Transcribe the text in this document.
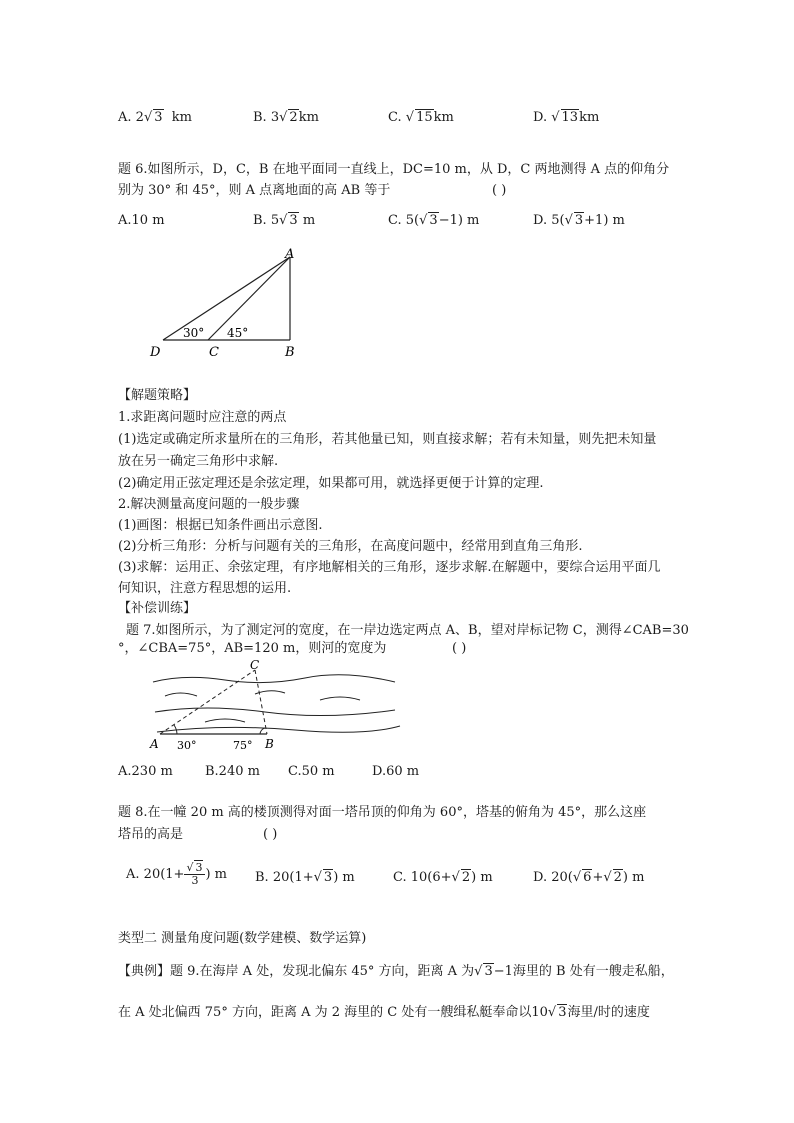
A. 2√ 3 km	B. 3√ 2km	C. √ 15km	D. √ 13km
题 6.如图所示，D，C，B 在地平面同一直线上，DC=10 m，从 D，C 两地测得 A 点的仰角分
别为 30° 和 45°，则 A 点离地面的高 AB 等于	( )
A.10 m	B. 5√ 3 m	C. 5(√ 3−1) m	D. 5(√ 3+1) m
A
B
C
D
30° 45°
【解题策略】
1.求距离问题时应注意的两点
(1)选定或确定所求量所在的三角形，若其他量已知，则直接求解；若有未知量，则先把未知量
放在另一确定三角形中求解.
(2)确定用正弦定理还是余弦定理，如果都可用，就选择更便于计算的定理.
2.解决测量高度问题的一般步骤
(1)画图：根据已知条件画出示意图.
(2)分析三角形：分析与问题有关的三角形，在高度问题中，经常用到直角三角形.
(3)求解：运用正、余弦定理，有序地解相关的三角形，逐步求解.在解题中，要综合运用平面几
何知识，注意方程思想的运用.
【补偿训练】
题 7.如图所示，为了测定河的宽度，在一岸边选定两点 A、B，望对岸标记物 C，测得∠CAB=30
°，∠CBA=75°，AB=120 m，则河的宽度为	( )
C
A	B
30°	75°
A.230 m B.240 m C.50 m	D.60 m
题 8.在一幢 20 m 高的楼顶测得对面一塔吊顶的仰角为 60°，塔基的俯角为 45°，那么这座
塔吊的高是	( )
A. $20(1+ \frac{√ 3}{3}$ ) m B. 20(1+√ 3) m	C. 10(6+√ 2) m	D. 20(√ 6+√ 2) m
类型二 测量角度问题(数学建模、数学运算)
【典例】题 9.在海岸 A 处，发现北偏东 45° 方向，距离 A 为√ 3−1海里的 B 处有一艘走私船，
在 A 处北偏西 75° 方向，距离 A 为 2 海里的 C 处有一艘缉私艇奉命以10√ 3海里/时的速度
